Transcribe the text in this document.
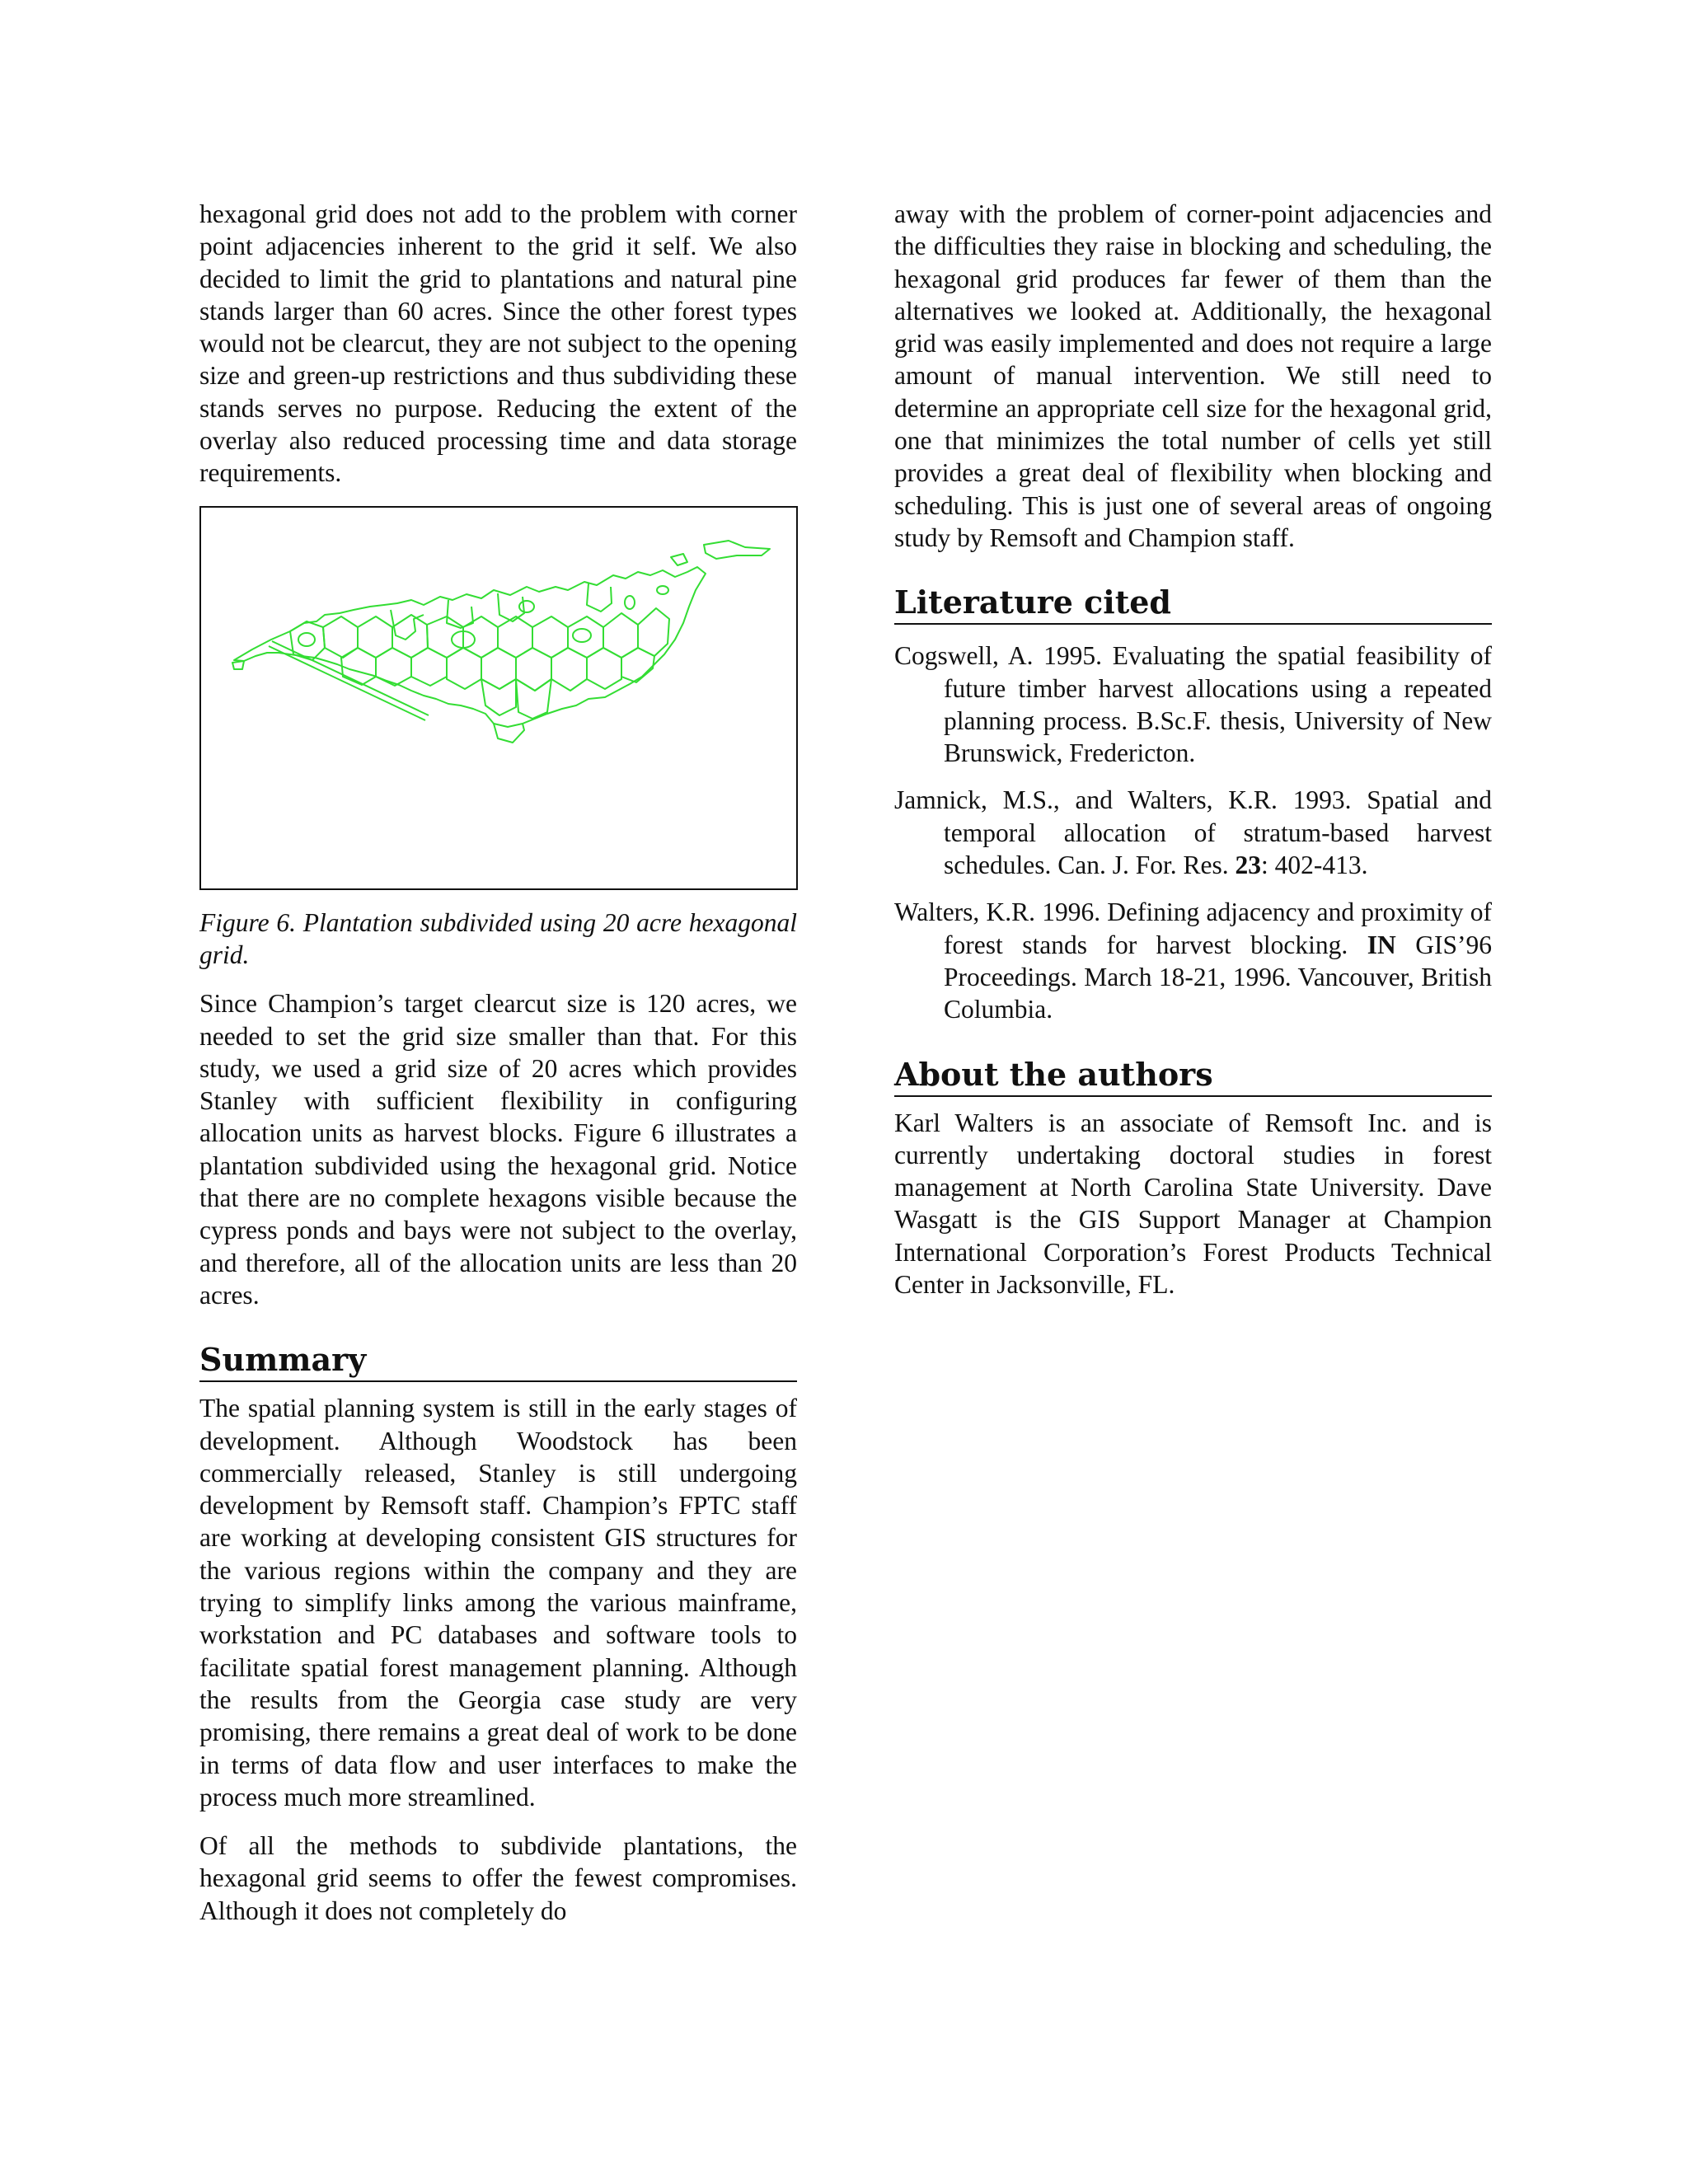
hexagonal grid does not add to the problem with corner point adjacencies inherent to the grid it self. We also decided to limit the grid to plantations and natural pine stands larger than 60 acres. Since the other forest types would not be clearcut, they are not subject to the opening size and green-up restrictions and thus subdividing these stands serves no purpose. Reducing the extent of the overlay also reduced processing time and data storage requirements.

Figure 6. Plantation subdivided using 20 acre hexagonal grid.

Since Champion’s target clearcut size is 120 acres, we needed to set the grid size smaller than that. For this study, we used a grid size of 20 acres which provides Stanley with sufficient flexibility in configuring allocation units as harvest blocks. Figure 6 illustrates a plantation subdivided using the hexagonal grid. Notice that there are no complete hexagons visible because the cypress ponds and bays were not subject to the overlay, and therefore, all of the allocation units are less than 20 acres.

Summary

The spatial planning system is still in the early stages of development. Although Woodstock has been commercially released, Stanley is still undergoing development by Remsoft staff. Champion’s FPTC staff are working at developing consistent GIS structures for the various regions within the company and they are trying to simplify links among the various mainframe, workstation and PC databases and software tools to facilitate spatial forest management planning. Although the results from the Georgia case study are very promising, there remains a great deal of work to be done in terms of data flow and user interfaces to make the process much more streamlined.

Of all the methods to subdivide plantations, the hexagonal grid seems to offer the fewest compromises. Although it does not completely do

away with the problem of corner-point adjacencies and the difficulties they raise in blocking and scheduling, the hexagonal grid produces far fewer of them than the alternatives we looked at. Additionally, the hexagonal grid was easily implemented and does not require a large amount of manual intervention. We still need to determine an appropriate cell size for the hexagonal grid, one that minimizes the total number of cells yet still provides a great deal of flexibility when blocking and scheduling. This is just one of several areas of ongoing study by Remsoft and Champion staff.

Literature cited

Cogswell, A. 1995. Evaluating the spatial feasibility of future timber harvest allocations using a repeated planning process. B.Sc.F. thesis, University of New Brunswick, Fredericton.

Jamnick, M.S., and Walters, K.R. 1993. Spatial and temporal allocation of stratum-based harvest schedules. Can. J. For. Res. 23: 402-413.

Walters, K.R. 1996. Defining adjacency and proximity of forest stands for harvest blocking. IN GIS’96 Proceedings. March 18-21, 1996. Vancouver, British Columbia.

About the authors

Karl Walters is an associate of Remsoft Inc. and is currently undertaking doctoral studies in forest management at North Carolina State University. Dave Wasgatt is the GIS Support Manager at Champion International Corporation’s Forest Products Technical Center in Jacksonville, FL.
